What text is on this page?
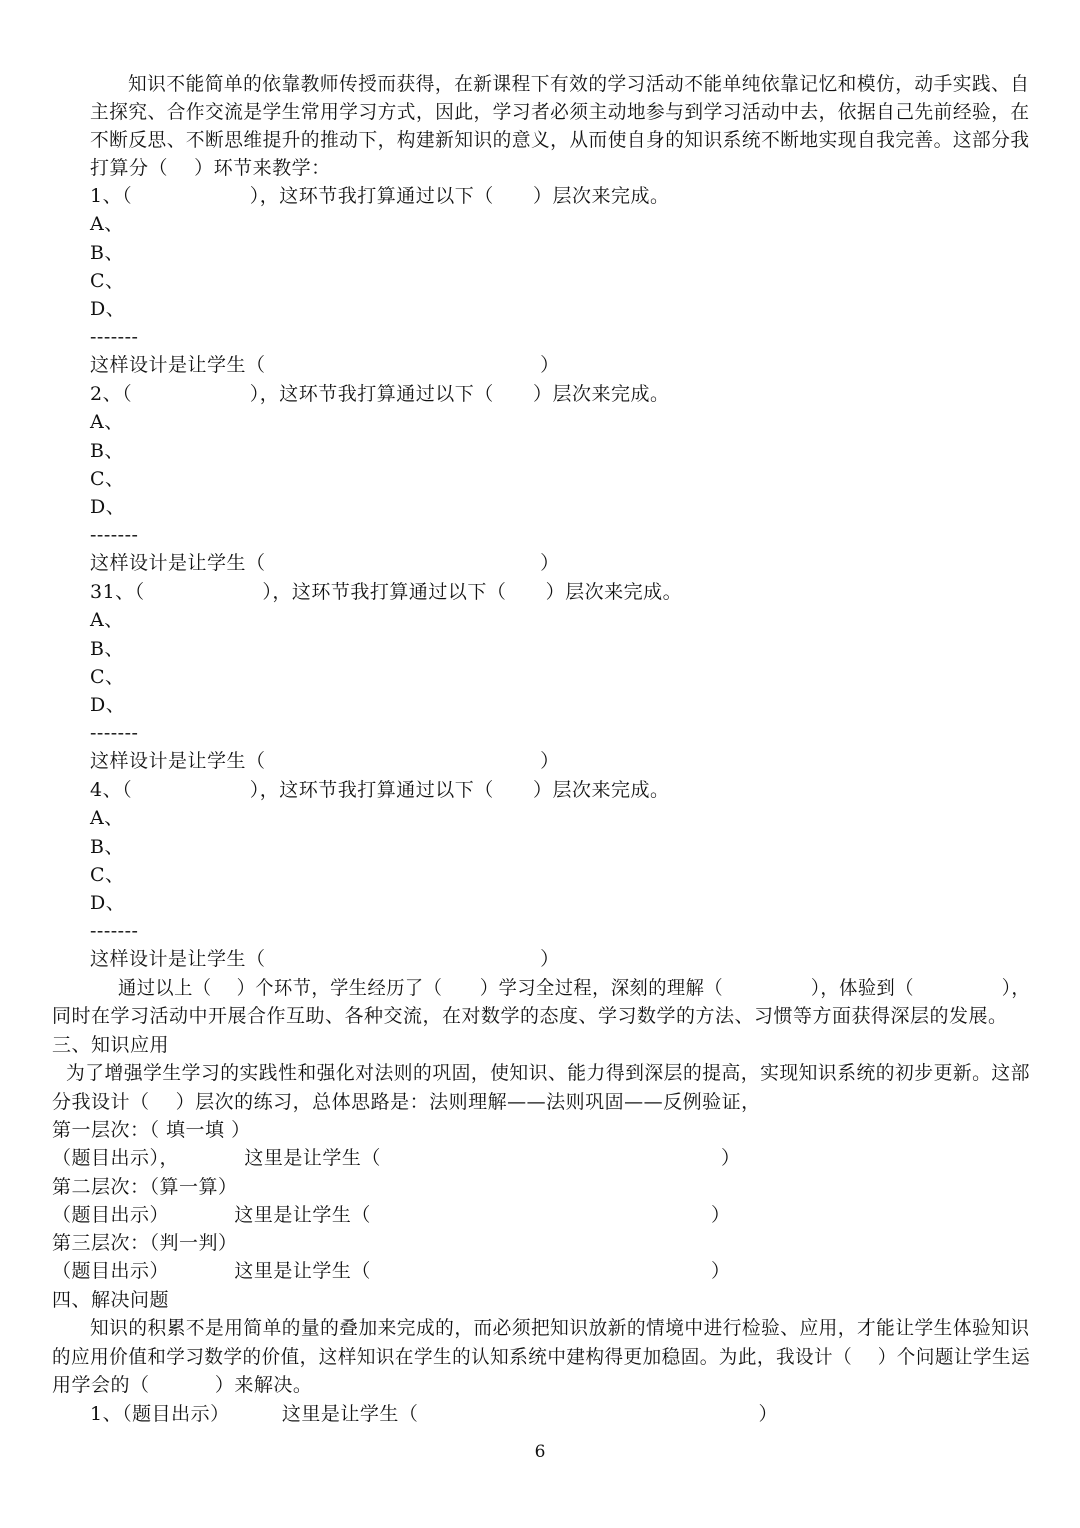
知识不能简单的依靠教师传授而获得，在新课程下有效的学习活动不能单纯依靠记忆和模仿，动手实践、自
主探究、合作交流是学生常用学习方式，因此，学习者必须主动地参与到学习活动中去，依据自己先前经验，在
不断反思、不断思维提升的推动下，构建新知识的意义，从而使自身的知识系统不断地实现自我完善。这部分我
打算分（    ）环节来教学：
1、（                  ），这环节我打算通过以下（      ）层次来完成。
A、
B、
C、
D、
-------
这样设计是让学生（                                          ）
2、（                  ），这环节我打算通过以下（      ）层次来完成。
A、
B、
C、
D、
-------
这样设计是让学生（                                          ）
31、（                  ），这环节我打算通过以下（      ）层次来完成。
A、
B、
C、
D、
-------
这样设计是让学生（                                          ）
4、（                  ），这环节我打算通过以下（      ）层次来完成。
A、
B、
C、
D、
-------
这样设计是让学生（                                          ）
通过以上（    ）个环节，学生经历了（      ）学习全过程，深刻的理解（              ），体验到（              ），
同时在学习活动中开展合作互助、各种交流，在对数学的态度、学习数学的方法、习惯等方面获得深层的发展。
三、知识应用
为了增强学生学习的实践性和强化对法则的巩固，使知识、能力得到深层的提高，实现知识系统的初步更新。这部
分我设计（    ）层次的练习，总体思路是：法则理解——法则巩固——反例验证，
第一层次：（ 填一填 ）
（题目出示），          这里是让学生（                                                    ）
第二层次：（算一算）
（题目出示）          这里是让学生（                                                    ）
第三层次：（判一判）
（题目出示）          这里是让学生（                                                    ）
四、解决问题
知识的积累不是用简单的量的叠加来完成的，而必须把知识放新的情境中进行检验、应用，才能让学生体验知识
的应用价值和学习数学的价值，这样知识在学生的认知系统中建构得更加稳固。为此，我设计（    ）个问题让学生运
用学会的（          ）来解决。
1、（题目出示）        这里是让学生（                                                    ）
6
